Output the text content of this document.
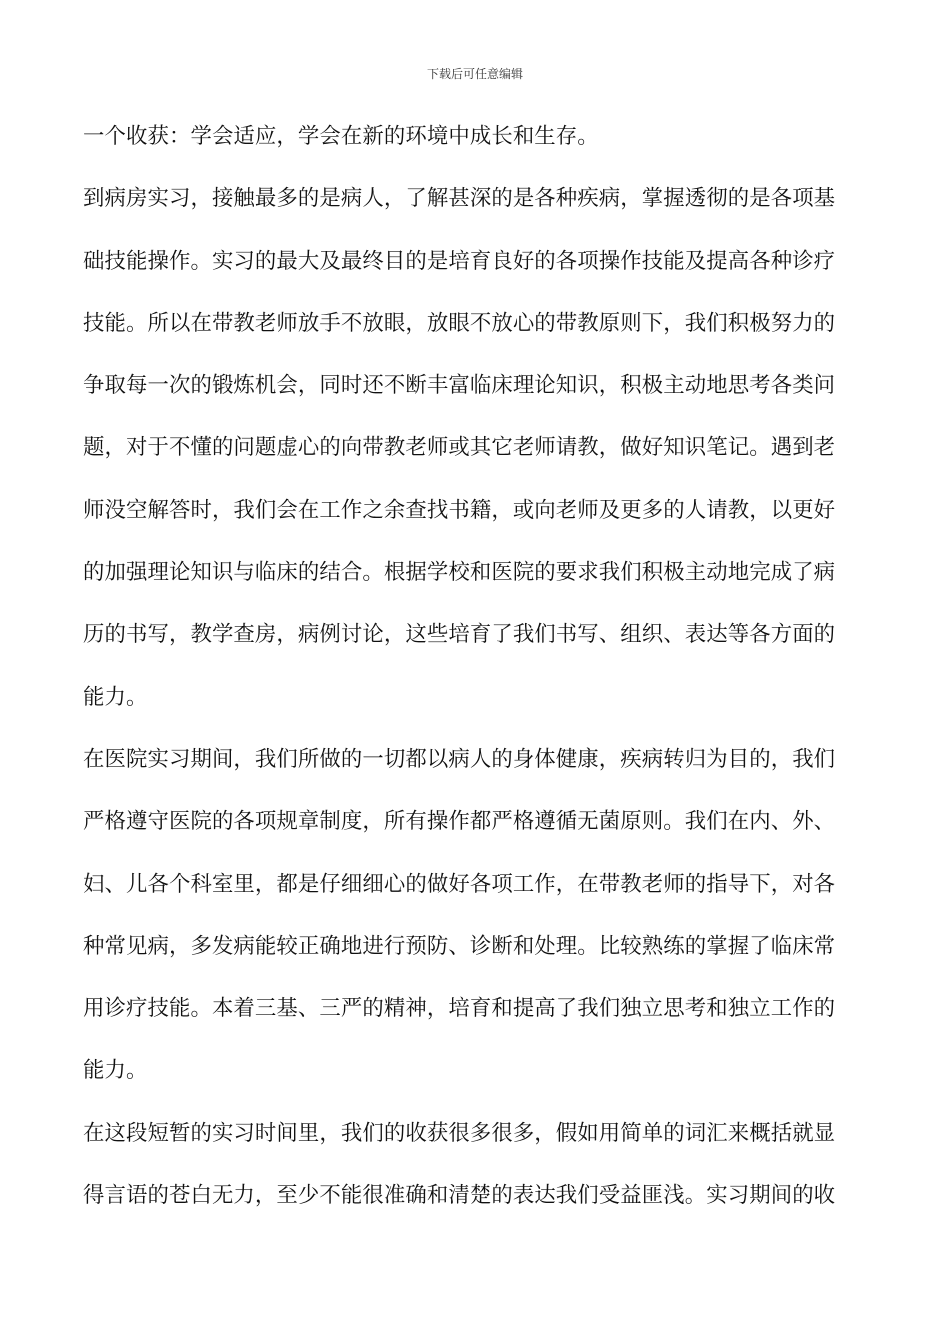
下载后可任意编辑
一个收获：学会适应，学会在新的环境中成长和生存。
到病房实习，接触最多的是病人，了解甚深的是各种疾病，掌握透彻的是各项基
础技能操作。实习的最大及最终目的是培育良好的各项操作技能及提高各种诊疗
技能。所以在带教老师放手不放眼，放眼不放心的带教原则下，我们积极努力的
争取每一次的锻炼机会，同时还不断丰富临床理论知识，积极主动地思考各类问
题，对于不懂的问题虚心的向带教老师或其它老师请教，做好知识笔记。遇到老
师没空解答时，我们会在工作之余查找书籍，或向老师及更多的人请教，以更好
的加强理论知识与临床的结合。根据学校和医院的要求我们积极主动地完成了病
历的书写，教学查房，病例讨论，这些培育了我们书写、组织、表达等各方面的
能力。
在医院实习期间，我们所做的一切都以病人的身体健康，疾病转归为目的，我们
严格遵守医院的各项规章制度，所有操作都严格遵循无菌原则。我们在内、外、
妇、儿各个科室里，都是仔细细心的做好各项工作，在带教老师的指导下，对各
种常见病，多发病能较正确地进行预防、诊断和处理。比较熟练的掌握了临床常
用诊疗技能。本着三基、三严的精神，培育和提高了我们独立思考和独立工作的
能力。
在这段短暂的实习时间里，我们的收获很多很多，假如用简单的词汇来概括就显
得言语的苍白无力，至少不能很准确和清楚的表达我们受益匪浅。实习期间的收
